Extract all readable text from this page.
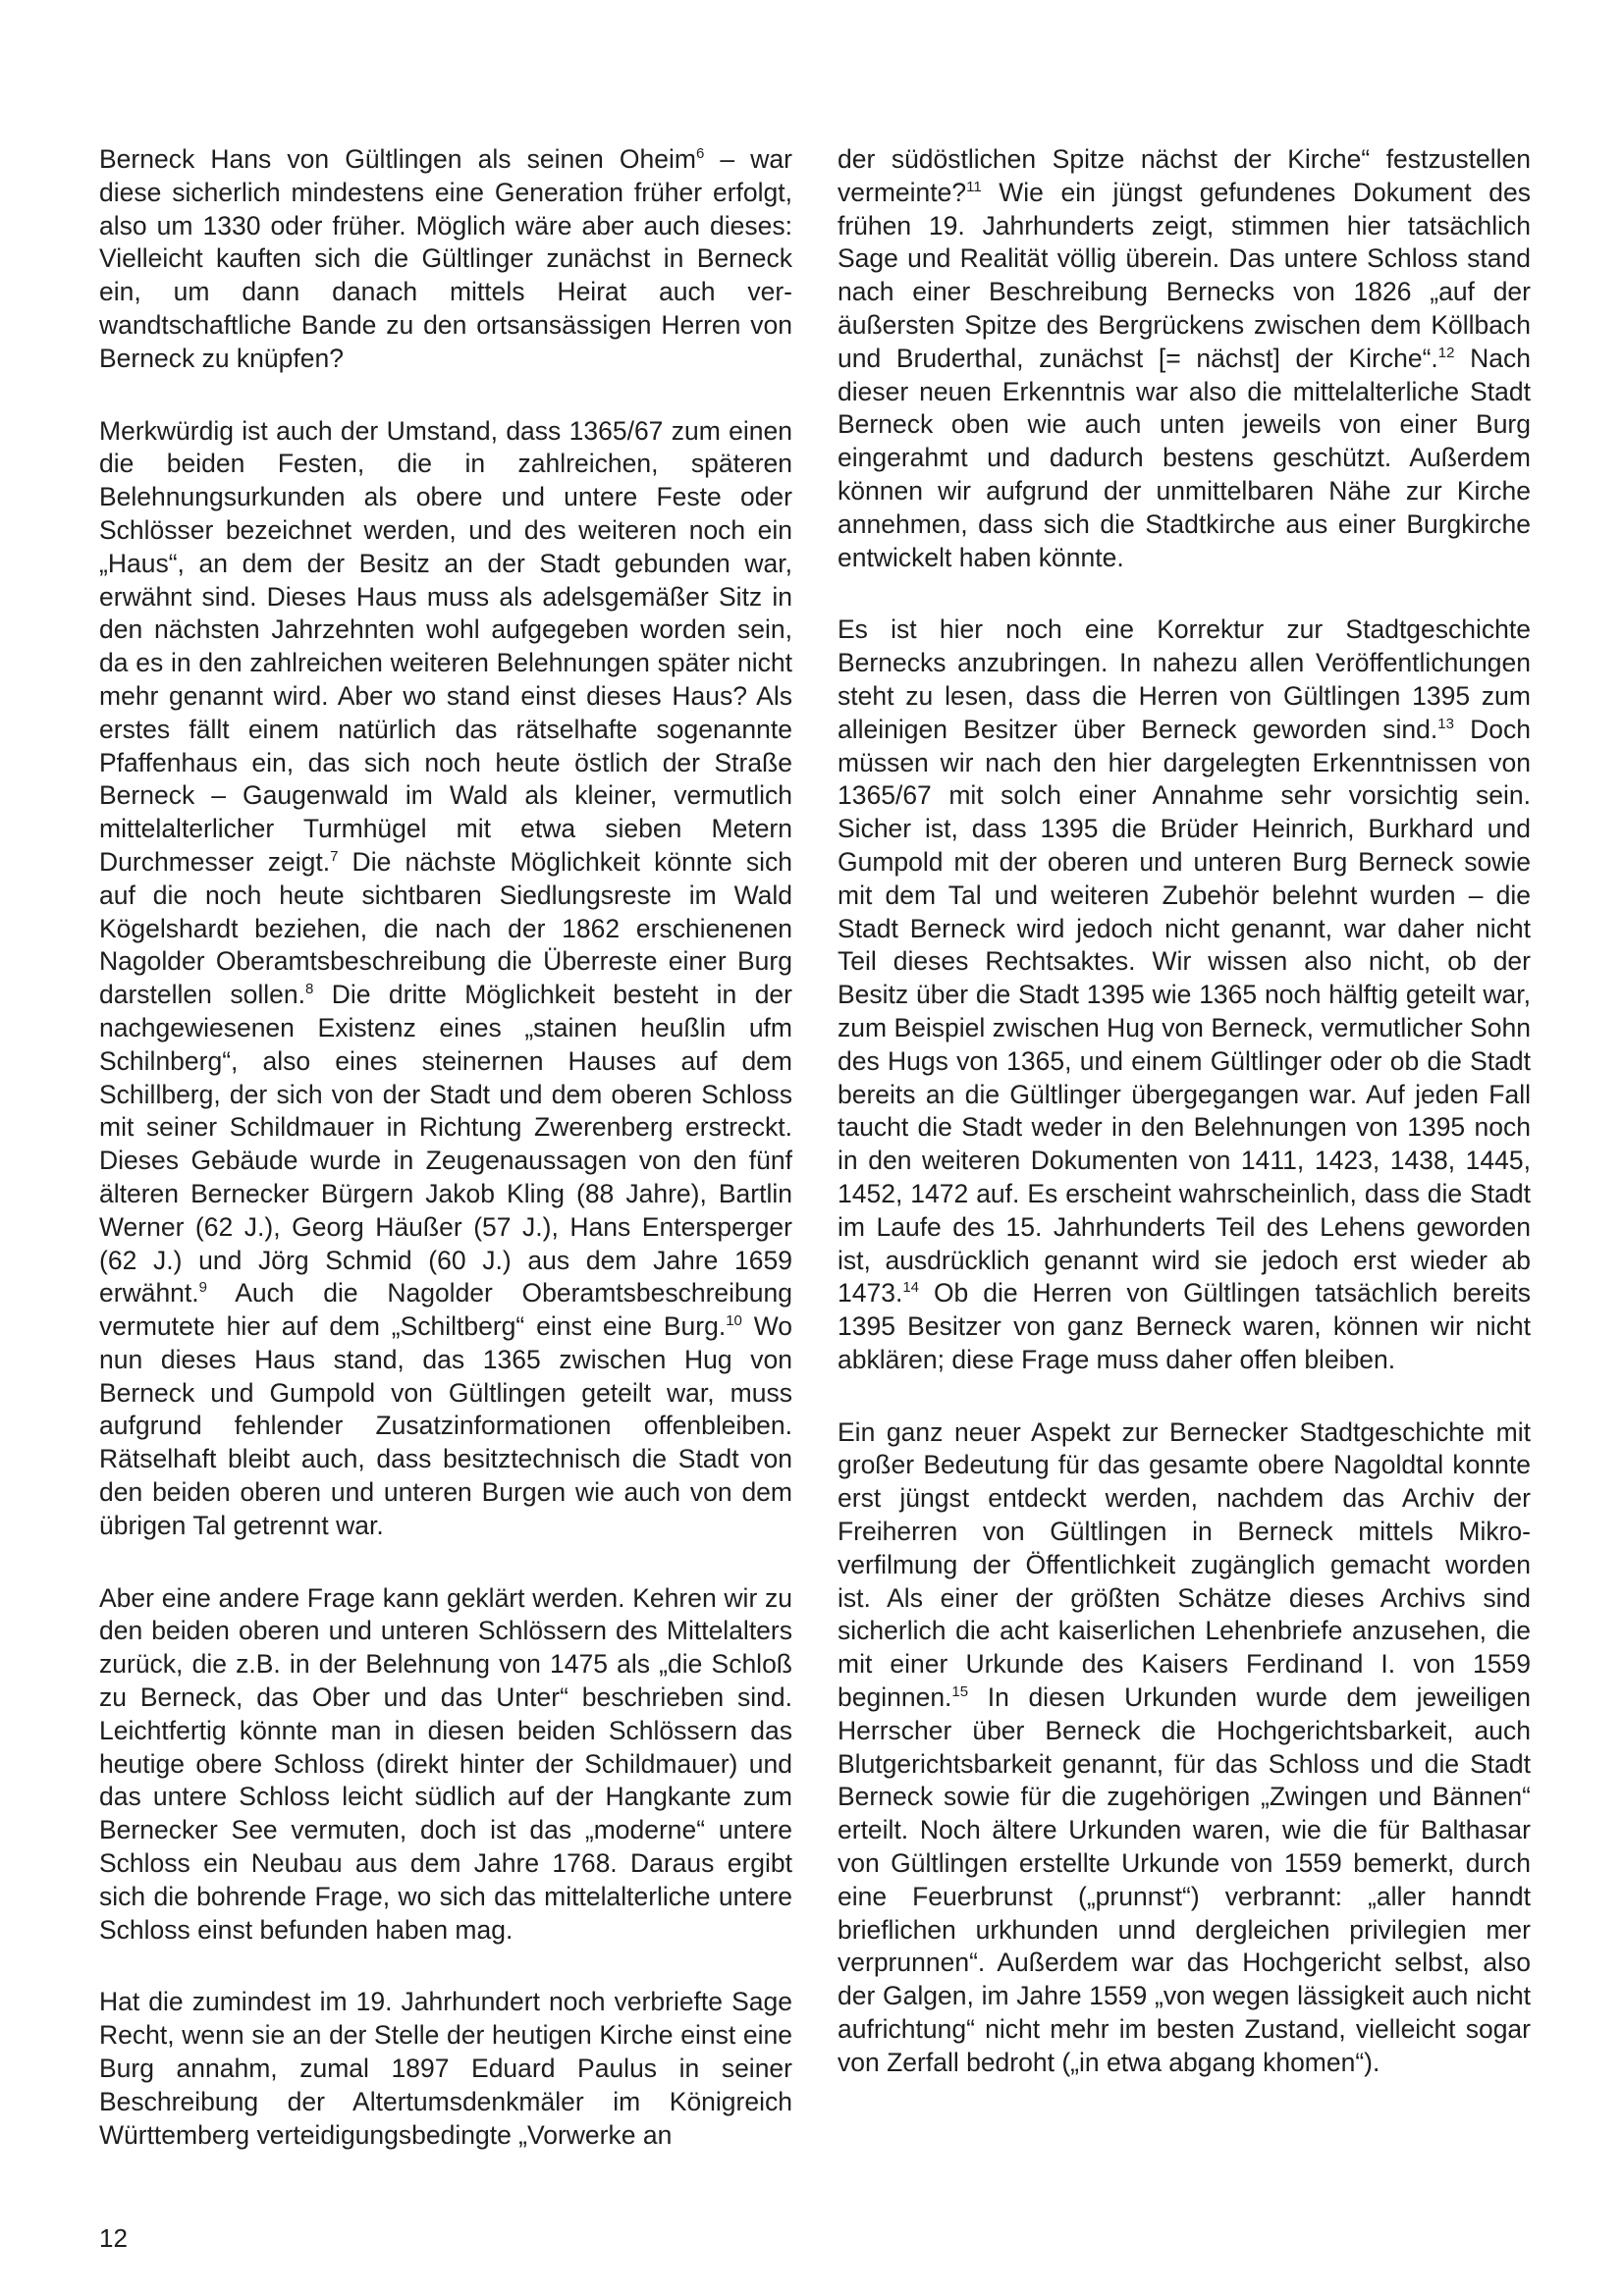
Berneck Hans von Gültlingen als seinen Oheim$^6$ – war diese sicherlich mindestens eine Generation früher erfolgt, also um 1330 oder früher. Möglich wäre aber auch dieses: Vielleicht kauften sich die Gültlinger zunächst in Berneck ein, um dann danach mittels Heirat auch verwandtschaftliche Bande zu den ortsansässigen Herren von Berneck zu knüpfen?

Merkwürdig ist auch der Umstand, dass 1365/67 zum einen die beiden Festen, die in zahlreichen, späteren Belehnungsurkunden als obere und untere Feste oder Schlösser bezeichnet werden, und des weiteren noch ein „Haus“, an dem der Besitz an der Stadt gebunden war, erwähnt sind. Dieses Haus muss als adelsgemäßer Sitz in den nächsten Jahrzehnten wohl aufgegeben worden sein, da es in den zahlreichen weiteren Belehnungen später nicht mehr genannt wird. Aber wo stand einst dieses Haus? Als erstes fällt einem natürlich das rätselhafte sogenannte Pfaffenhaus ein, das sich noch heute östlich der Straße Berneck – Gaugenwald im Wald als kleiner, vermutlich mittelalterlicher Turmhügel mit etwa sieben Metern Durchmesser zeigt.$^7$ Die nächste Möglichkeit könnte sich auf die noch heute sichtbaren Siedlungsreste im Wald Kögelshardt beziehen, die nach der 1862 erschienenen Nagolder Oberamtsbeschreibung die Überreste einer Burg darstellen sollen.$^8$ Die dritte Möglichkeit besteht in der nachgewiesenen Existenz eines „stainen heußlin ufm Schilnberg“, also eines steinernen Hauses auf dem Schillberg, der sich von der Stadt und dem oberen Schloss mit seiner Schildmauer in Richtung Zwerenberg erstreckt. Dieses Gebäude wurde in Zeugenaussagen von den fünf älteren Bernecker Bürgern Jakob Kling (88 Jahre), Bartlin Werner (62 J.), Georg Häußer (57 J.), Hans Entersperger (62 J.) und Jörg Schmid (60 J.) aus dem Jahre 1659 erwähnt.$^9$ Auch die Nagolder Oberamtsbeschreibung vermutete hier auf dem „Schiltberg“ einst eine Burg.$^{10}$ Wo nun dieses Haus stand, das 1365 zwischen Hug von Berneck und Gumpold von Gültlingen geteilt war, muss aufgrund fehlender Zusatzinformationen offenbleiben. Rätselhaft bleibt auch, dass besitztechnisch die Stadt von den beiden oberen und unteren Burgen wie auch von dem übrigen Tal getrennt war.

Aber eine andere Frage kann geklärt werden. Kehren wir zu den beiden oberen und unteren Schlössern des Mittelalters zurück, die z.B. in der Belehnung von 1475 als „die Schloß zu Berneck, das Ober und das Unter“ beschrieben sind. Leichtfertig könnte man in diesen beiden Schlössern das heutige obere Schloss (direkt hinter der Schildmauer) und das untere Schloss leicht südlich auf der Hangkante zum Bernecker See vermuten, doch ist das „moderne“ untere Schloss ein Neubau aus dem Jahre 1768. Daraus ergibt sich die bohrende Frage, wo sich das mittelalterliche untere Schloss einst befunden haben mag.

Hat die zumindest im 19. Jahrhundert noch verbriefte Sage Recht, wenn sie an der Stelle der heutigen Kirche einst eine Burg annahm, zumal 1897 Eduard Paulus in seiner Beschreibung der Altertumsdenkmäler im Königreich Württemberg verteidigungsbedingte „Vorwerke an

der südöstlichen Spitze nächst der Kirche“ festzustellen vermeinte?$^{11}$ Wie ein jüngst gefundenes Dokument des frühen 19. Jahrhunderts zeigt, stimmen hier tatsächlich Sage und Realität völlig überein. Das untere Schloss stand nach einer Beschreibung Bernecks von 1826 „auf der äußersten Spitze des Bergrückens zwischen dem Köllbach und Bruderthal, zunächst [= nächst] der Kirche“.$^{12}$ Nach dieser neuen Erkenntnis war also die mittelalterliche Stadt Berneck oben wie auch unten jeweils von einer Burg eingerahmt und dadurch bestens geschützt. Außerdem können wir aufgrund der unmittelbaren Nähe zur Kirche annehmen, dass sich die Stadtkirche aus einer Burgkirche entwickelt haben könnte.

Es ist hier noch eine Korrektur zur Stadtgeschichte Bernecks anzubringen. In nahezu allen Veröffentlichungen steht zu lesen, dass die Herren von Gültlingen 1395 zum alleinigen Besitzer über Berneck geworden sind.$^{13}$ Doch müssen wir nach den hier dargelegten Erkenntnissen von 1365/67 mit solch einer Annahme sehr vorsichtig sein. Sicher ist, dass 1395 die Brüder Heinrich, Burkhard und Gumpold mit der oberen und unteren Burg Berneck sowie mit dem Tal und weiteren Zubehör belehnt wurden – die Stadt Berneck wird jedoch nicht genannt, war daher nicht Teil dieses Rechtsaktes. Wir wissen also nicht, ob der Besitz über die Stadt 1395 wie 1365 noch hälftig geteilt war, zum Beispiel zwischen Hug von Berneck, vermutlicher Sohn des Hugs von 1365, und einem Gültlinger oder ob die Stadt bereits an die Gültlinger übergegangen war. Auf jeden Fall taucht die Stadt weder in den Belehnungen von 1395 noch in den weiteren Dokumenten von 1411, 1423, 1438, 1445, 1452, 1472 auf. Es erscheint wahrscheinlich, dass die Stadt im Laufe des 15. Jahrhunderts Teil des Lehens geworden ist, ausdrücklich genannt wird sie jedoch erst wieder ab 1473.14 Ob die Herren von Gültlingen tatsächlich bereits 1395 Besitzer von ganz Berneck waren, können wir nicht abklären; diese Frage muss daher offen bleiben.

Ein ganz neuer Aspekt zur Bernecker Stadtgeschichte mit großer Bedeutung für das gesamte obere Nagoldtal konnte erst jüngst entdeckt werden, nachdem das Archiv der Freiherren von Gültlingen in Berneck mittels Mikroverfilmung der Öffentlichkeit zugänglich gemacht worden ist. Als einer der größten Schätze dieses Archivs sind sicherlich die acht kaiserlichen Lehenbriefe anzusehen, die mit einer Urkunde des Kaisers Ferdinand I. von 1559 beginnen.$^{15}$ In diesen Urkunden wurde dem jeweiligen Herrscher über Berneck die Hochgerichtsbarkeit, auch Blutgerichtsbarkeit genannt, für das Schloss und die Stadt Berneck sowie für die zugehörigen „Zwingen und Bännen“ erteilt. Noch ältere Urkunden waren, wie die für Balthasar von Gültlingen erstellte Urkunde von 1559 bemerkt, durch eine Feuerbrunst („prunnst“) verbrannt: „aller hanndt brieflichen urkhunden unnd dergleichen privilegien mer verprunnen“. Außerdem war das Hochgericht selbst, also der Galgen, im Jahre 1559 „von wegen lässigkeit auch nicht aufrichtung“ nicht mehr im besten Zustand, vielleicht sogar von Zerfall bedroht („in etwa abgang khomen“).

12
